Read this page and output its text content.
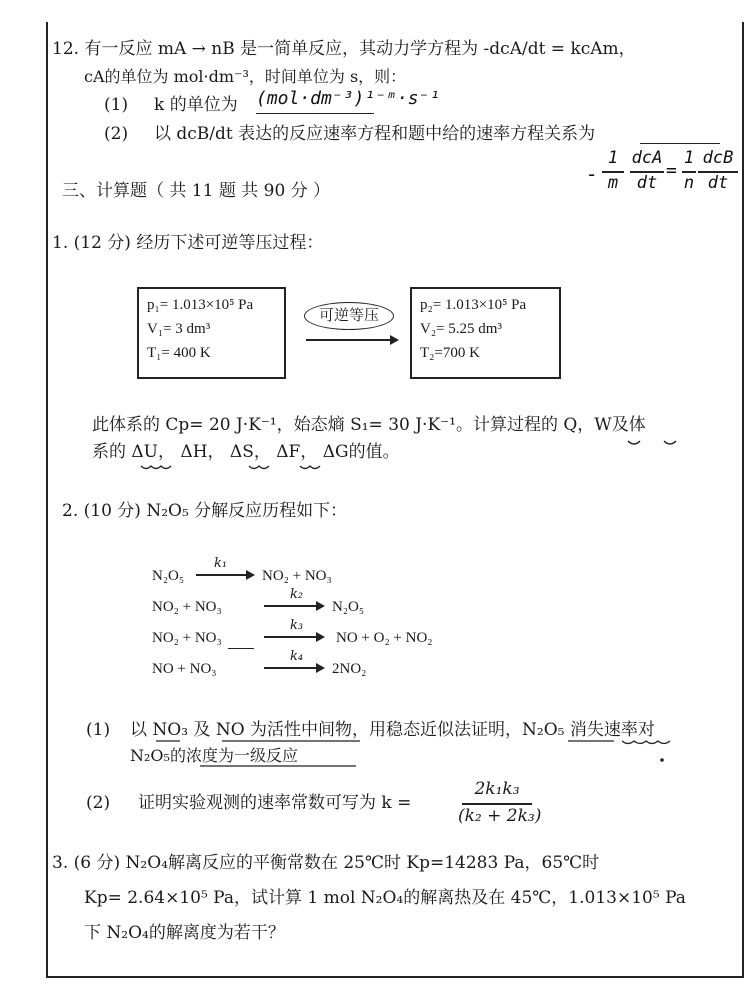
12. 有一反应 mA → nB 是一简单反应，其动力学方程为 -dcA/dt = kcAm，
cA的单位为 mol·dm⁻³，时间单位为 s，则：
(1) k 的单位为 (mol·dm⁻³)¹⁻ᵐ·s⁻¹
(2) 以 dcB/dt 表达的反应速率方程和题中给的速率方程关系为
-
1
m
dcA
dt
=
1
n
dcB
dt
三、计算题（ 共 11 题 共 90 分 ）
1. (12 分) 经历下述可逆等压过程：
p₁= 1.013×10⁵ Pa
V₁= 3 dm³
T₁= 400 K
可逆等压
p₂= 1.013×10⁵ Pa
V₂= 5.25 dm³
T₂=700 K
此体系的 Cp= 20 J·K⁻¹，始态熵 S₁= 30 J·K⁻¹。计算过程的 Q，W及体
系的 ΔU， ΔH， ΔS， ΔF， ΔG的值。
2. (10 分) N₂O₅ 分解反应历程如下：
N₂O₅
k₁
NO₂ + NO₃
NO₂ + NO₃
k₂
N₂O₅
NO₂ + NO₃
k₃
NO + O₂ + NO₂
NO + NO₃
k₄
2NO₂
(1) 以 NO₃ 及 NO 为活性中间物，用稳态近似法证明，N₂O₅ 消失速率对
N₂O₅的浓度为一级反应
(2) 证明实验观测的速率常数可写为 k =
2k₁k₃
(k₂ + 2k₃)
3. (6 分) N₂O₄解离反应的平衡常数在 25℃时 Kp=14283 Pa，65℃时
Kp= 2.64×10⁵ Pa，试计算 1 mol N₂O₄的解离热及在 45℃，1.013×10⁵ Pa
下 N₂O₄的解离度为若干？
